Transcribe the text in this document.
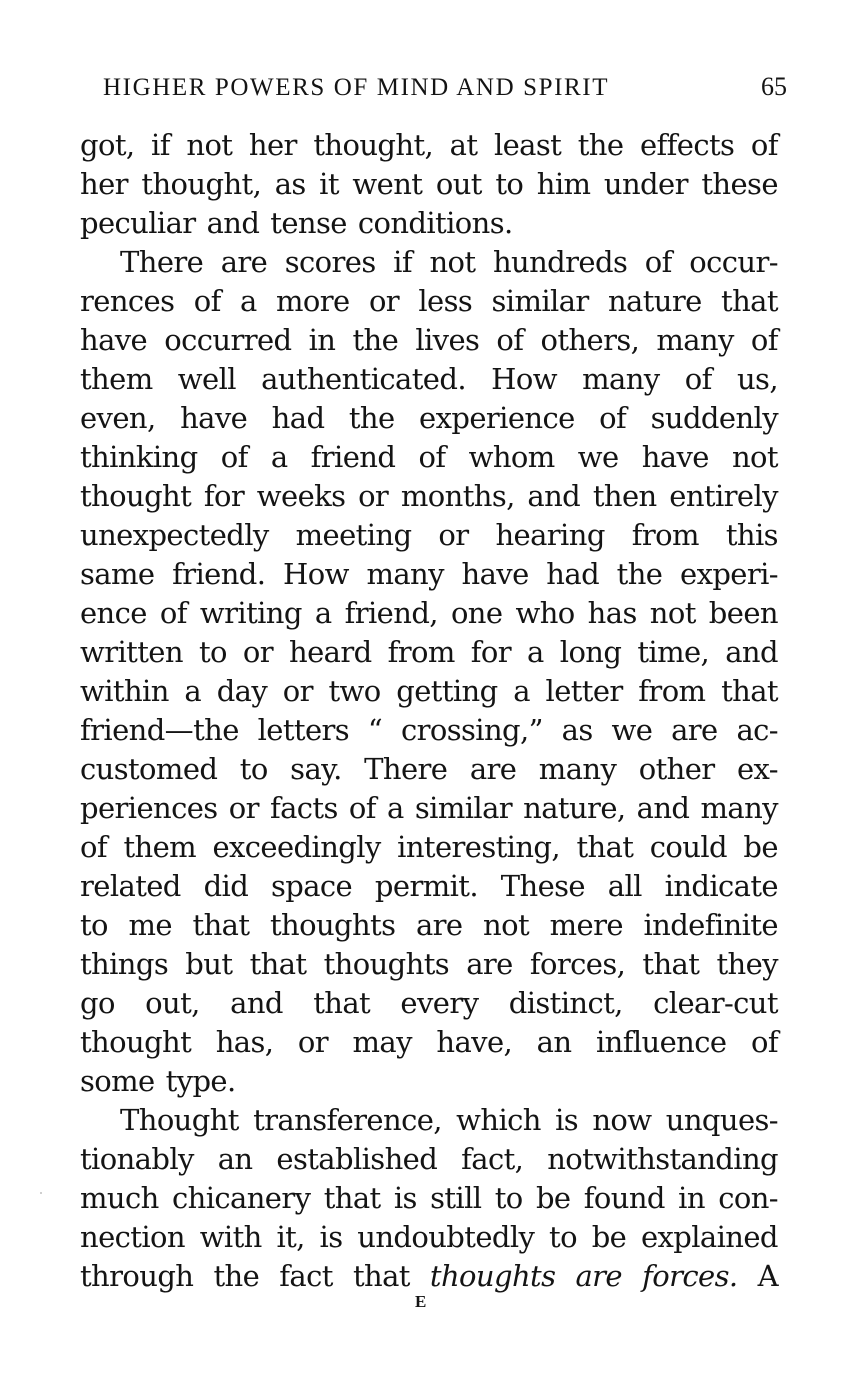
HIGHER POWERS OF MIND AND SPIRIT	65
got, if not her thought, at least the effects of
her thought, as it went out to him under these
peculiar and tense conditions.
There are scores if not hundreds of occur-
rences of a more or less similar nature that
have occurred in the lives of others, many of
them well authenticated. How many of us,
even, have had the experience of suddenly
thinking of a friend of whom we have not
thought for weeks or months, and then entirely
unexpectedly meeting or hearing from this
same friend. How many have had the experi-
ence of writing a friend, one who has not been
written to or heard from for a long time, and
within a day or two getting a letter from that
friend—the letters “ crossing,” as we are ac-
customed to say. There are many other ex-
periences or facts of a similar nature, and many
of them exceedingly interesting, that could be
related did space permit. These all indicate
to me that thoughts are not mere indefinite
things but that thoughts are forces, that they
go out, and that every distinct, clear-cut
thought has, or may have, an influence of
some type.
Thought transference, which is now unques-
tionably an established fact, notwithstanding
much chicanery that is still to be found in con-
nection with it, is undoubtedly to be explained
through the fact that thoughts are forces. A
E
